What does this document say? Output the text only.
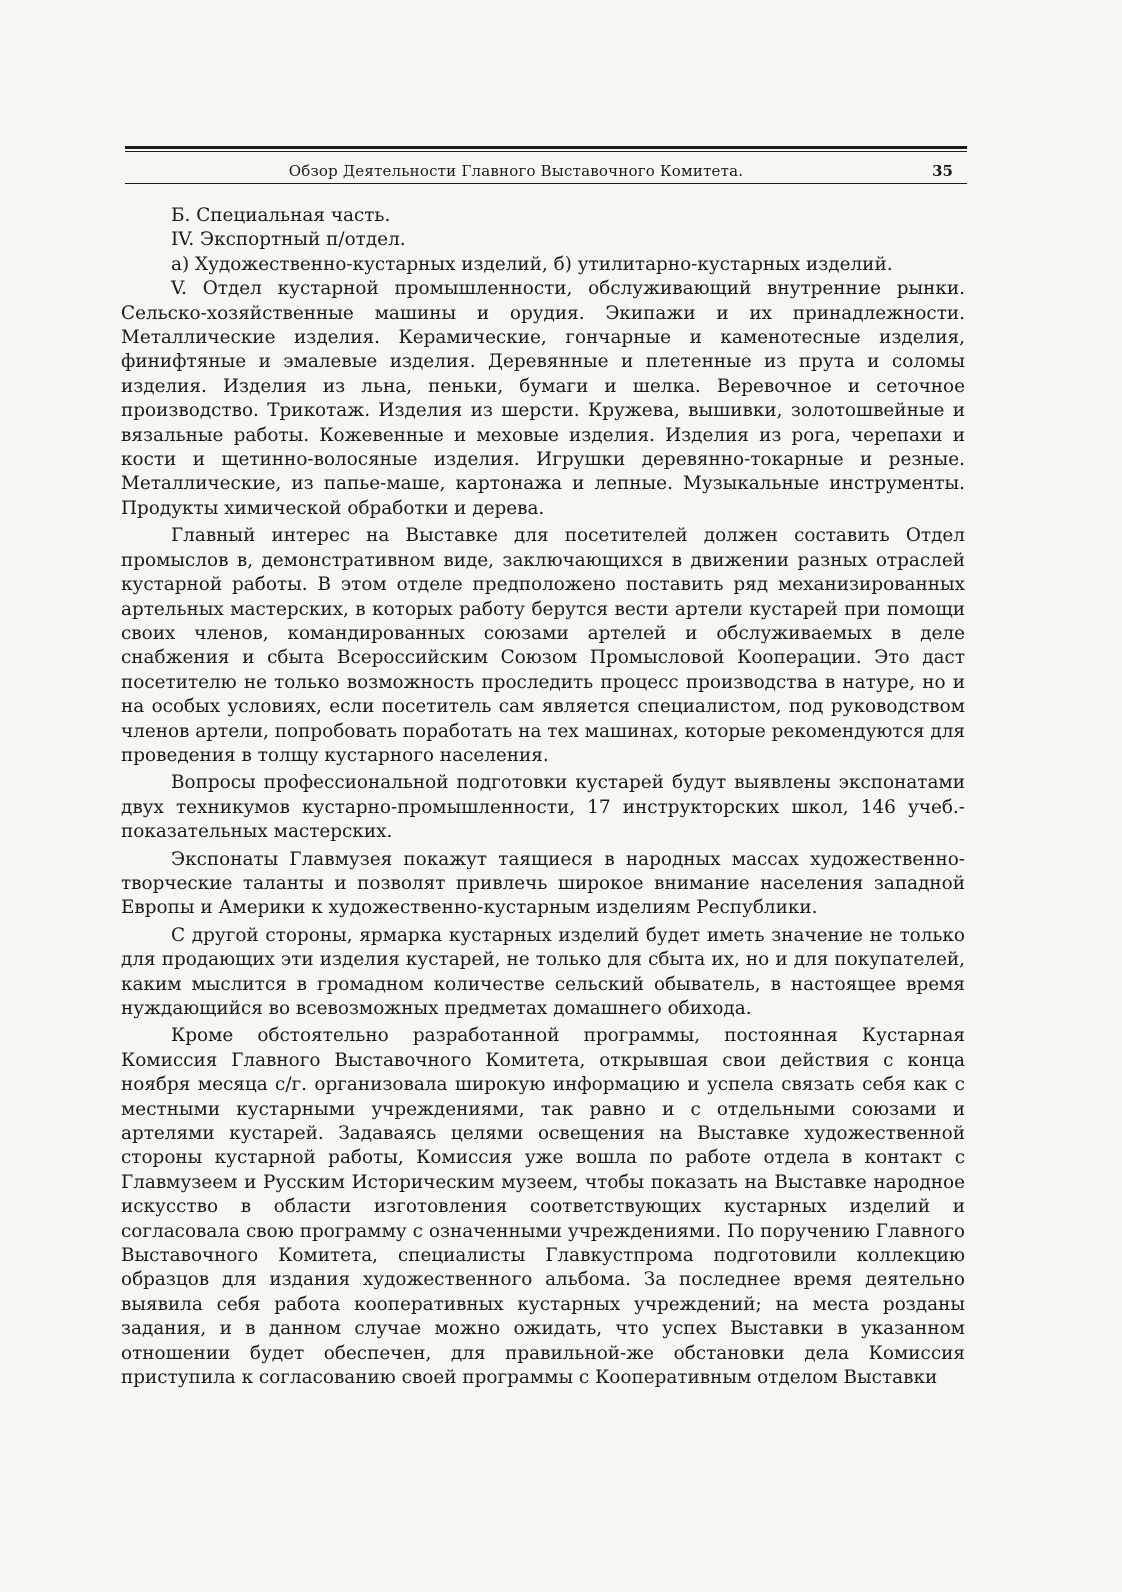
Обзор Деятельности Главного Выставочного Комитета.	35

Б. Специальная часть.

IV. Экспортный п/отдел.

а) Художественно-кустарных изделий, б) утилитарно-кустарных изделий.

V. Отдел кустарной промышленности, обслуживающий внутренние рынки. Сельско-хозяйственные машины и орудия. Экипажи и их принадлежности. Металлические изделия. Керамические, гончарные и каменотесные изделия, финифтяные и эмалевые изделия. Деревянные и плетенные из прута и соломы изделия. Изделия из льна, пеньки, бумаги и шелка. Веревочное и сеточное производство. Трикотаж. Изделия из шерсти. Кружева, вышивки, золотошвейные и вязальные работы. Кожевенные и меховые изделия. Изделия из рога, черепахи и кости и щетинно-волосяные изделия. Игрушки деревянно-токарные и резные. Металлические, из папье-маше, картонажа и лепные. Музыкальные инструменты. Продукты химической обработки и дерева.

Главный интерес на Выставке для посетителей должен составить Отдел промыслов в, демонстративном виде, заключающихся в движении разных отраслей кустарной работы. В этом отделе предположено поставить ряд механизированных артельных мастерских, в которых работу берутся вести артели кустарей при помощи своих членов, командированных союзами артелей и обслуживаемых в деле снабжения и сбыта Всероссийским Союзом Промысловой Кооперации. Это даст посетителю не только возможность проследить процесс производства в натуре, но и на особых условиях, если посетитель сам является специалистом, под руководством членов артели, попробовать поработать на тех машинах, которые рекомендуются для проведения в толщу кустарного населения.

Вопросы профессиональной подготовки кустарей будут выявлены экспонатами двух техникумов кустарно-промышленности, 17 инструкторских школ, 146 учеб.-показательных мастерских.

Экспонаты Главмузея покажут таящиеся в народных массах художественно-творческие таланты и позволят привлечь широкое внимание населения западной Европы и Америки к художественно-кустарным изделиям Республики.

С другой стороны, ярмарка кустарных изделий будет иметь значение не только для продающих эти изделия кустарей, не только для сбыта их, но и для покупателей, каким мыслится в громадном количестве сельский обыватель, в настоящее время нуждающийся во всевозможных предметах домашнего обихода.

Кроме обстоятельно разработанной программы, постоянная Кустарная Комиссия Главного Выставочного Комитета, открывшая свои действия с конца ноября месяца с/г. организовала широкую информацию и успела связать себя как с местными кустарными учреждениями, так равно и с отдельными союзами и артелями кустарей. Задаваясь целями освещения на Выставке художественной стороны кустарной работы, Комиссия уже вошла по работе отдела в контакт с Главмузеем и Русским Историческим музеем, чтобы показать на Выставке народное искусство в области изготовления соответствующих кустарных изделий и согласовала свою программу с означенными учреждениями. По поручению Главного Выставочного Комитета, специалисты Главкустпрома подготовили коллекцию образцов для издания художественного альбома. За последнее время деятельно выявила себя работа кооперативных кустарных учреждений; на места розданы задания, и в данном случае можно ожидать, что успех Выставки в указанном отношении будет обеспечен, для правильной-же обстановки дела Комиссия приступила к согласованию своей программы с Кооперативным отделом Выставки
